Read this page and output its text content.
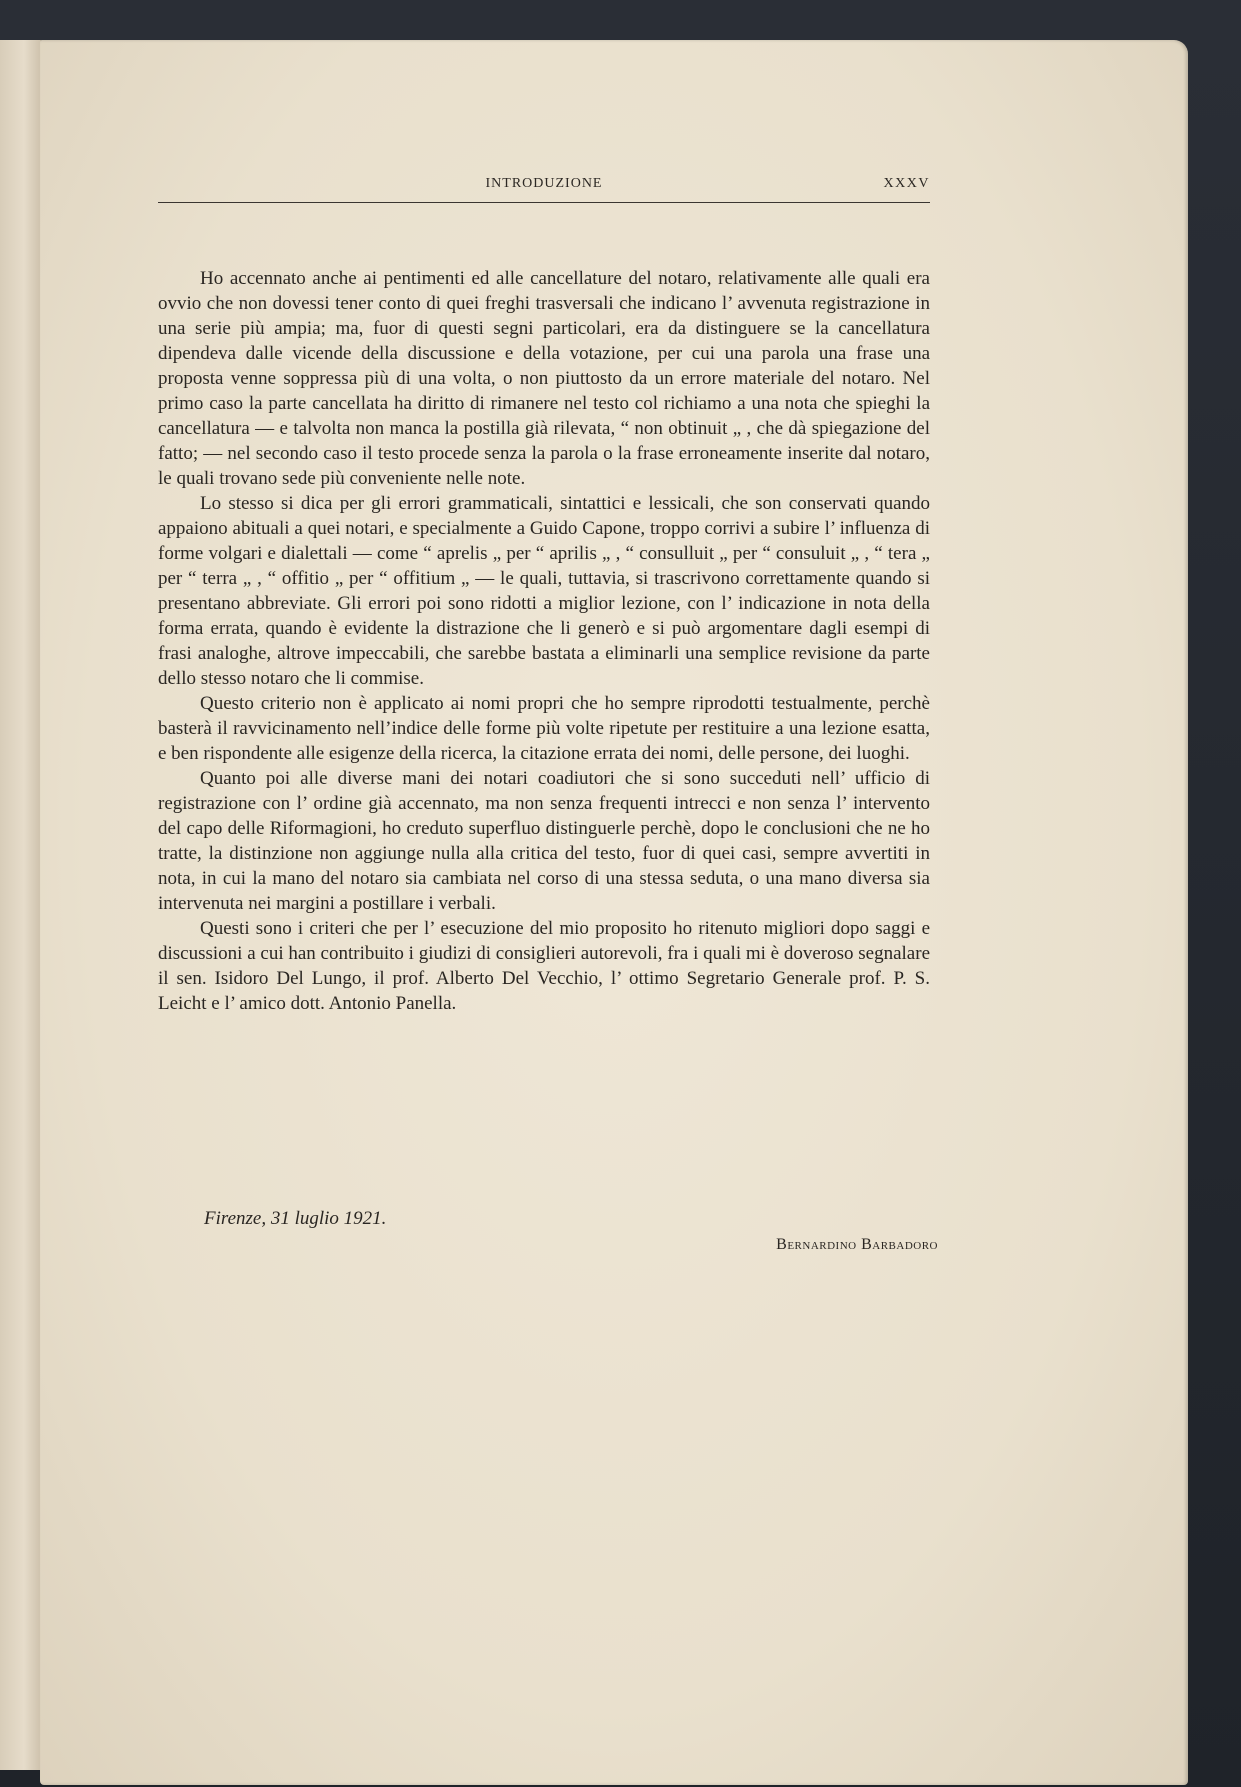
INTRODUZIONE	XXXV

Ho accennato anche ai pentimenti ed alle cancellature del notaro, relativamente alle quali era ovvio che non dovessi tener conto di quei freghi trasversali che indicano l’ avvenuta registrazione in una serie più ampia; ma, fuor di questi segni particolari, era da distinguere se la cancellatura dipendeva dalle vicende della discussione e della votazione, per cui una parola una frase una proposta venne soppressa più di una volta, o non piuttosto da un errore materiale del notaro. Nel primo caso la parte cancellata ha diritto di rimanere nel testo col richiamo a una nota che spieghi la cancellatura — e talvolta non manca la postilla già rilevata, “ non obtinuit „ , che dà spiegazione del fatto; — nel secondo caso il testo procede senza la parola o la frase erroneamente inserite dal notaro, le quali trovano sede più conveniente nelle note.

Lo stesso si dica per gli errori grammaticali, sintattici e lessicali, che son conservati quando appaiono abituali a quei notari, e specialmente a Guido Capone, troppo corrivi a subire l’ influenza di forme volgari e dialettali — come “ aprelis „ per “ aprilis „ , “ consulluit „ per “ consuluit „ , “ tera „ per “ terra „ , “ offitio „ per “ offitium „ — le quali, tuttavia, si trascrivono correttamente quando si presentano abbreviate. Gli errori poi sono ridotti a miglior lezione, con l’ indicazione in nota della forma errata, quando è evidente la distrazione che li generò e si può argomentare dagli esempi di frasi analoghe, altrove impeccabili, che sarebbe bastata a eliminarli una semplice revisione da parte dello stesso notaro che li commise.

Questo criterio non è applicato ai nomi propri che ho sempre riprodotti testualmente, perchè basterà il ravvicinamento nell’indice delle forme più volte ripetute per restituire a una lezione esatta, e ben rispondente alle esigenze della ricerca, la citazione errata dei nomi, delle persone, dei luoghi.

Quanto poi alle diverse mani dei notari coadiutori che si sono succeduti nell’ ufficio di registrazione con l’ ordine già accennato, ma non senza frequenti intrecci e non senza l’ intervento del capo delle Riformagioni, ho creduto superfluo distinguerle perchè, dopo le conclusioni che ne ho tratte, la distinzione non aggiunge nulla alla critica del testo, fuor di quei casi, sempre avvertiti in nota, in cui la mano del notaro sia cambiata nel corso di una stessa seduta, o una mano diversa sia intervenuta nei margini a postillare i verbali.

Questi sono i criteri che per l’ esecuzione del mio proposito ho ritenuto migliori dopo saggi e discussioni a cui han contribuito i giudizi di consiglieri autorevoli, fra i quali mi è doveroso segnalare il sen. Isidoro Del Lungo, il prof. Alberto Del Vecchio, l’ ottimo Segretario Generale prof. P. S. Leicht e l’ amico dott. Antonio Panella.

Firenze, 31 luglio 1921.
Bernardino Barbadoro
